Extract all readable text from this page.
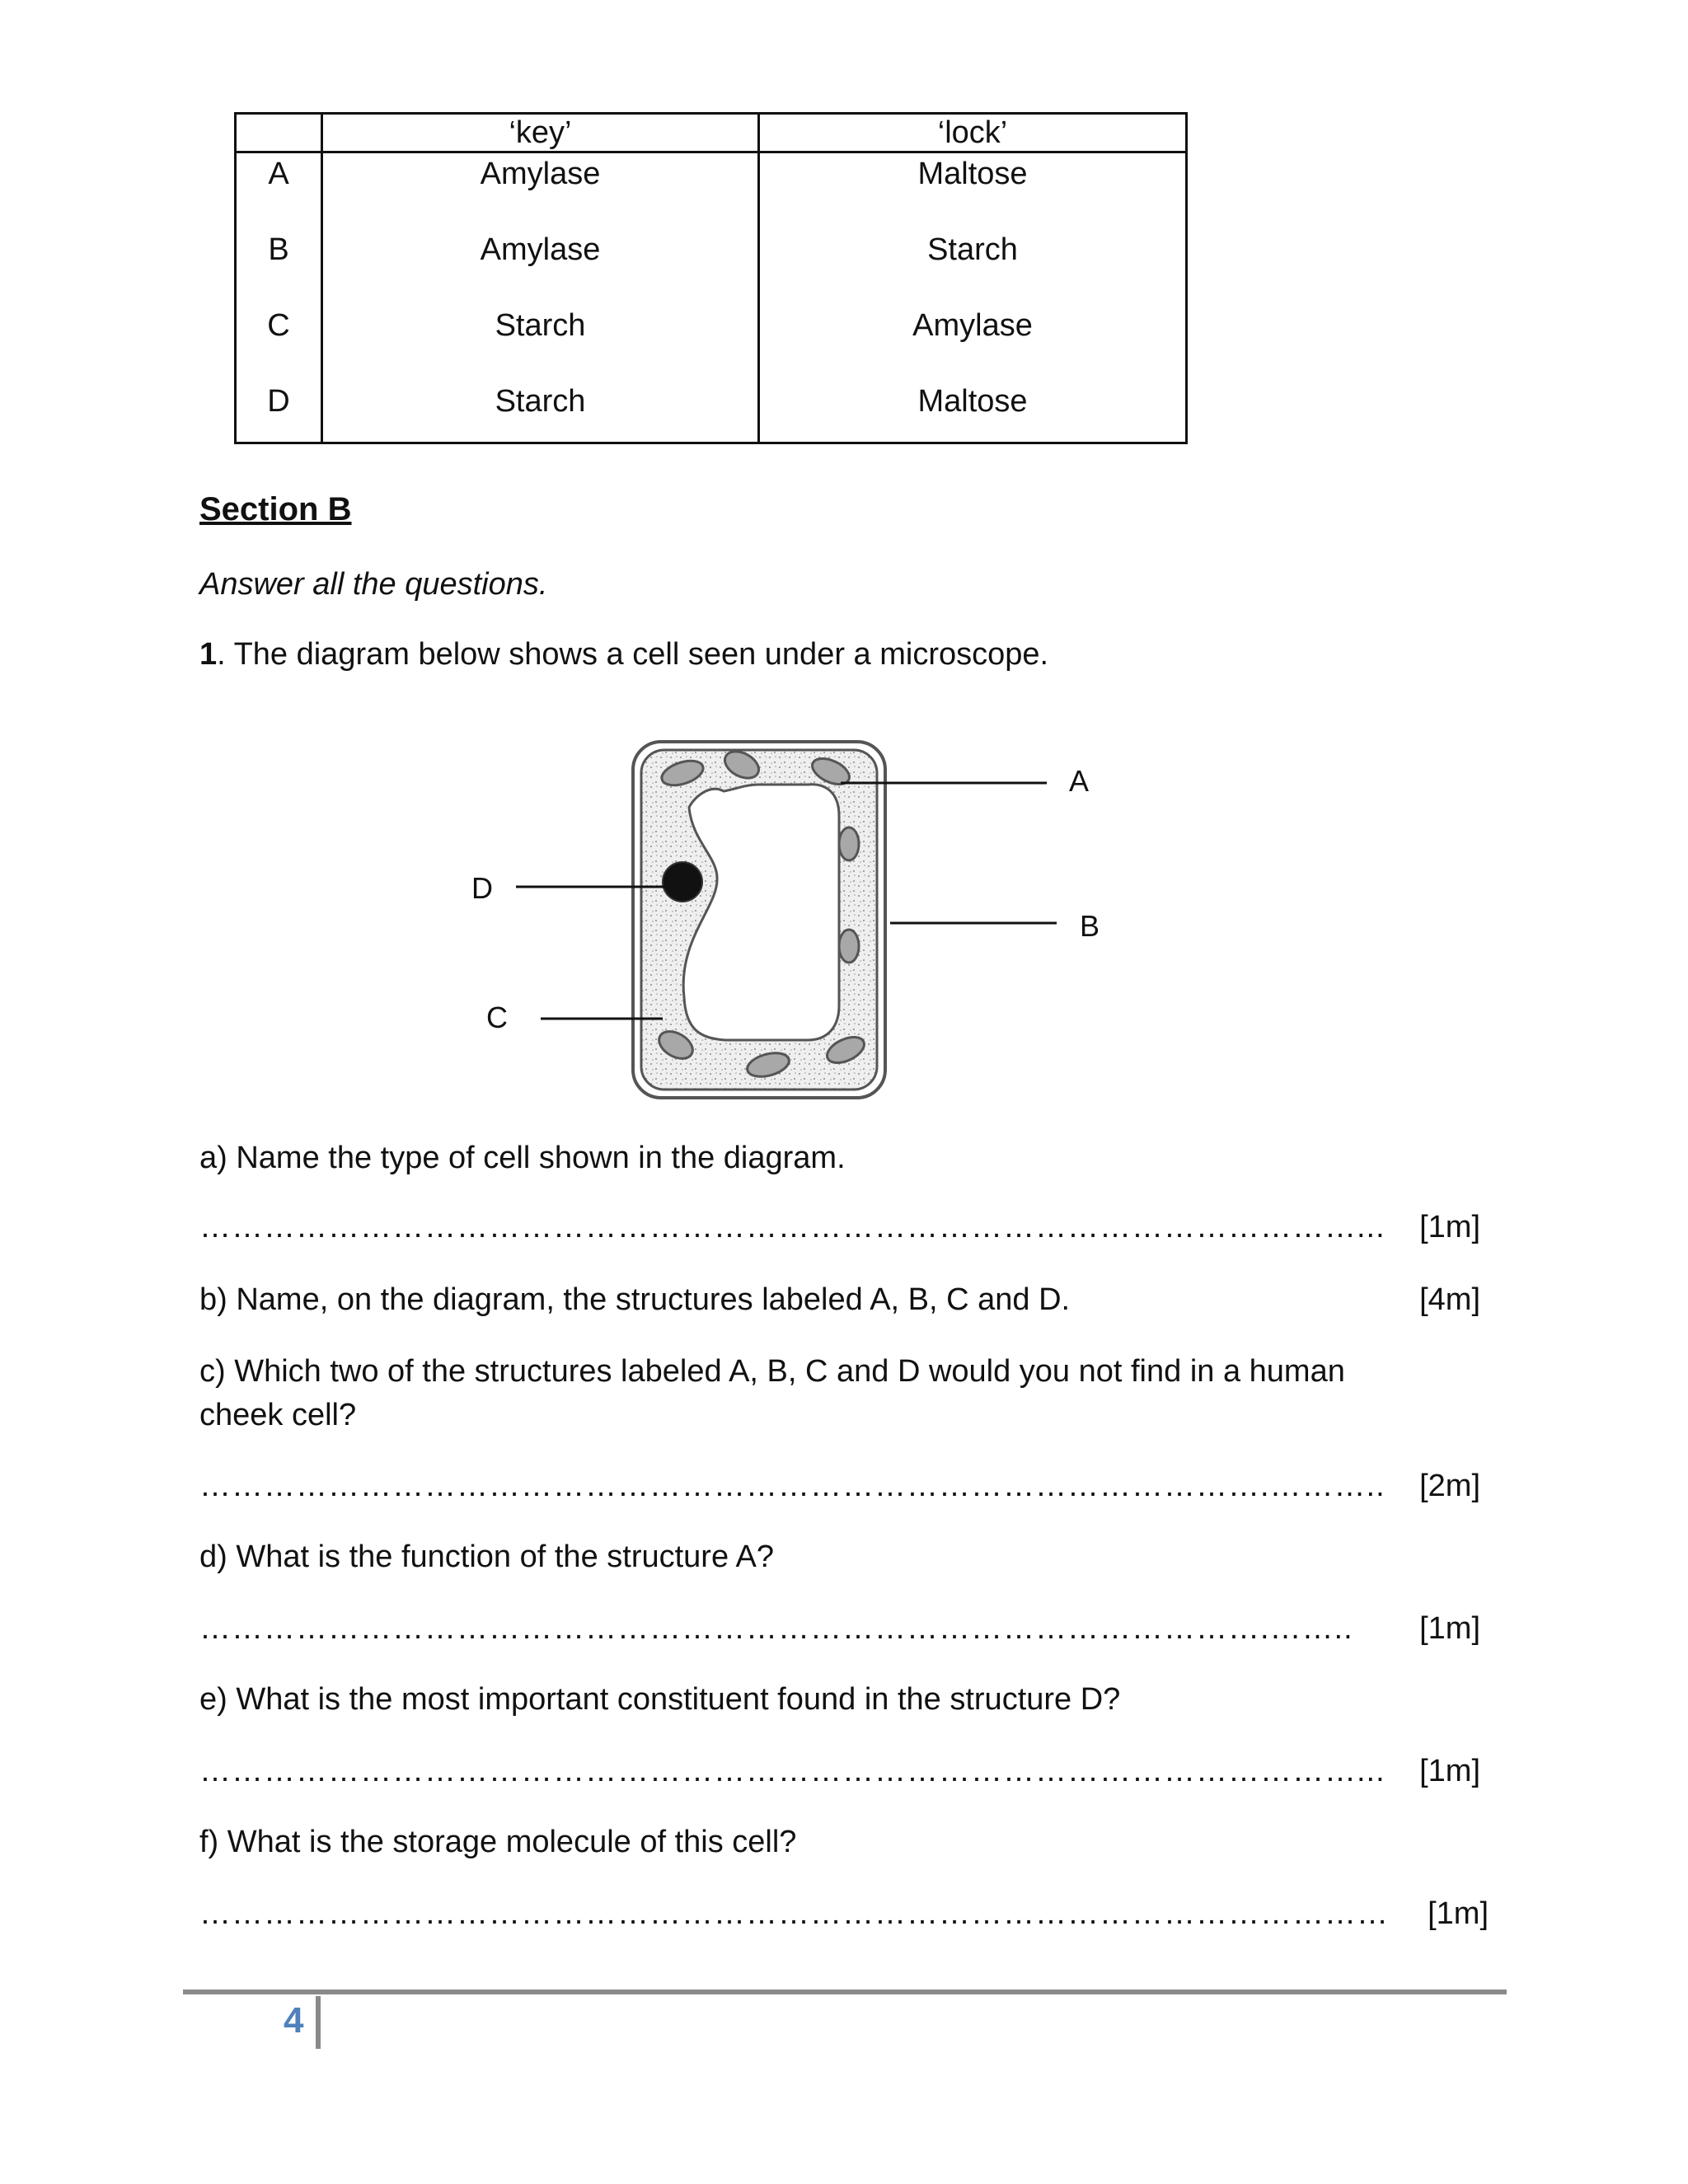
	‘key’	‘lock’
A	Amylase	Maltose
B	Amylase	Starch
C	Starch	Amylase
D	Starch	Maltose
Section B
Answer all the questions.
1. The diagram below shows a cell seen under a microscope.
A
B
D
C
a) Name the type of cell shown in the diagram.
………………………………………………………………………………………………...	[1m]
b) Name, on the diagram, the structures labeled A, B, C and D.	[4m]
c) Which two of the structures labeled A, B, C and D would you not find in a human
cheek cell?
……………………………………………………………………………………….………..	[2m]
d) What is the function of the structure A?
……………………………………………………………………………………….……..	[1m]
e) What is the most important constituent found in the structure D?
………………………………………………………………………………………………...	[1m]
f) What is the storage molecule of this cell?
…………………………………………………………………………………………………	[1m]
4
